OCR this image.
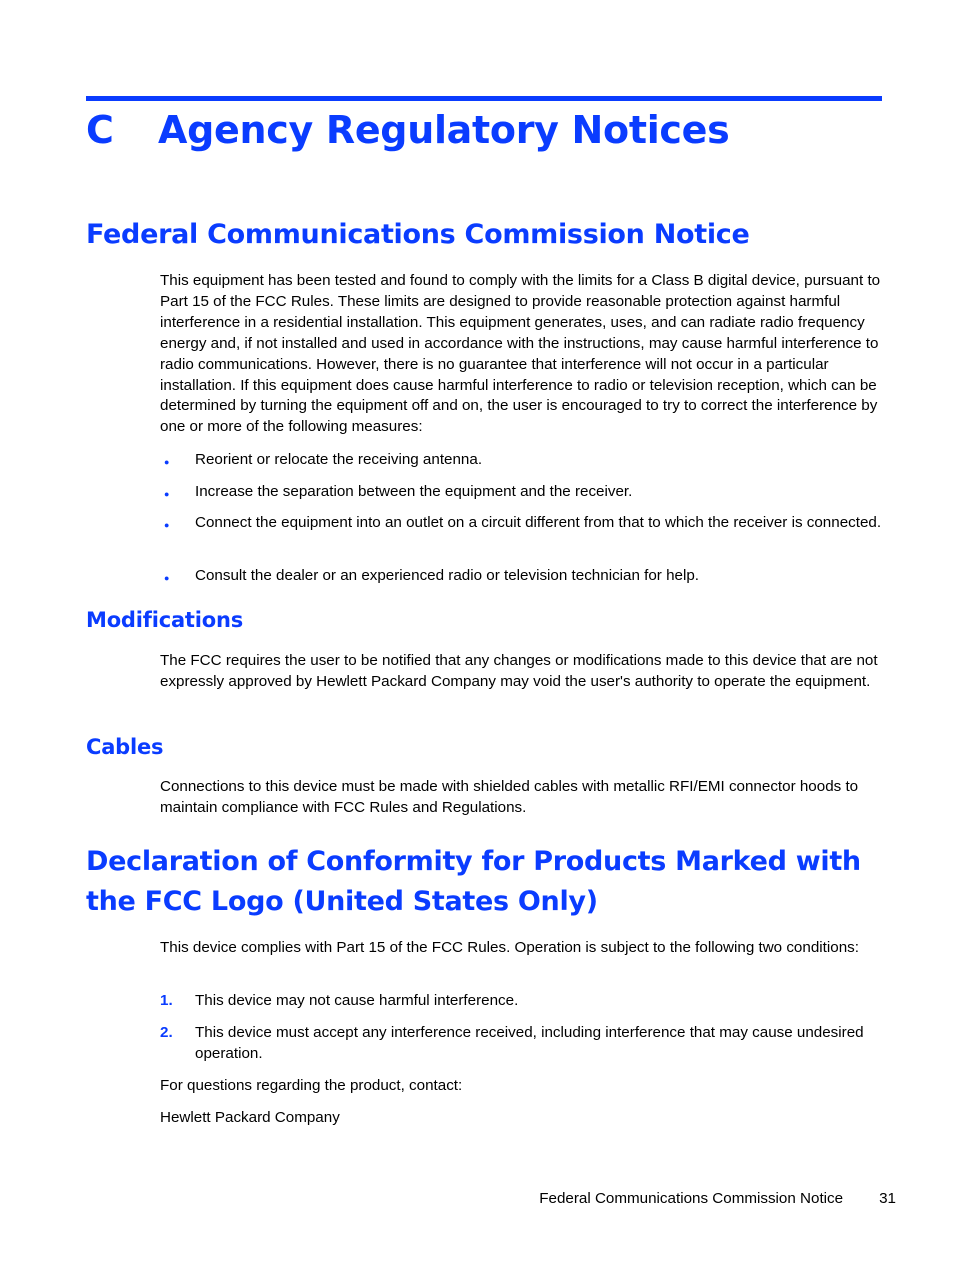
C Agency Regulatory Notices
Federal Communications Commission Notice

This equipment has been tested and found to comply with the limits for a Class B digital device, pursuant to Part 15 of the FCC Rules. These limits are designed to provide reasonable protection against harmful interference in a residential installation. This equipment generates, uses, and can radiate radio frequency energy and, if not installed and used in accordance with the instructions, may cause harmful interference to radio communications. However, there is no guarantee that interference will not occur in a particular installation. If this equipment does cause harmful interference to radio or television reception, which can be determined by turning the equipment off and on, the user is encouraged to try to correct the interference by one or more of the following measures:

● Reorient or relocate the receiving antenna.
● Increase the separation between the equipment and the receiver.
● Connect the equipment into an outlet on a circuit different from that to which the receiver is connected.
● Consult the dealer or an experienced radio or television technician for help.
Modifications

The FCC requires the user to be notified that any changes or modifications made to this device that are not expressly approved by Hewlett Packard Company may void the user's authority to operate the equipment.

Cables

Connections to this device must be made with shielded cables with metallic RFI/EMI connector hoods to maintain compliance with FCC Rules and Regulations.

Declaration of Conformity for Products Marked with
the FCC Logo (United States Only)

This device complies with Part 15 of the FCC Rules. Operation is subject to the following two conditions:

1. This device may not cause harmful interference.
2. This device must accept any interference received, including interference that may cause undesired operation.

For questions regarding the product, contact:

Hewlett Packard Company

Federal Communications Commission Notice 31
